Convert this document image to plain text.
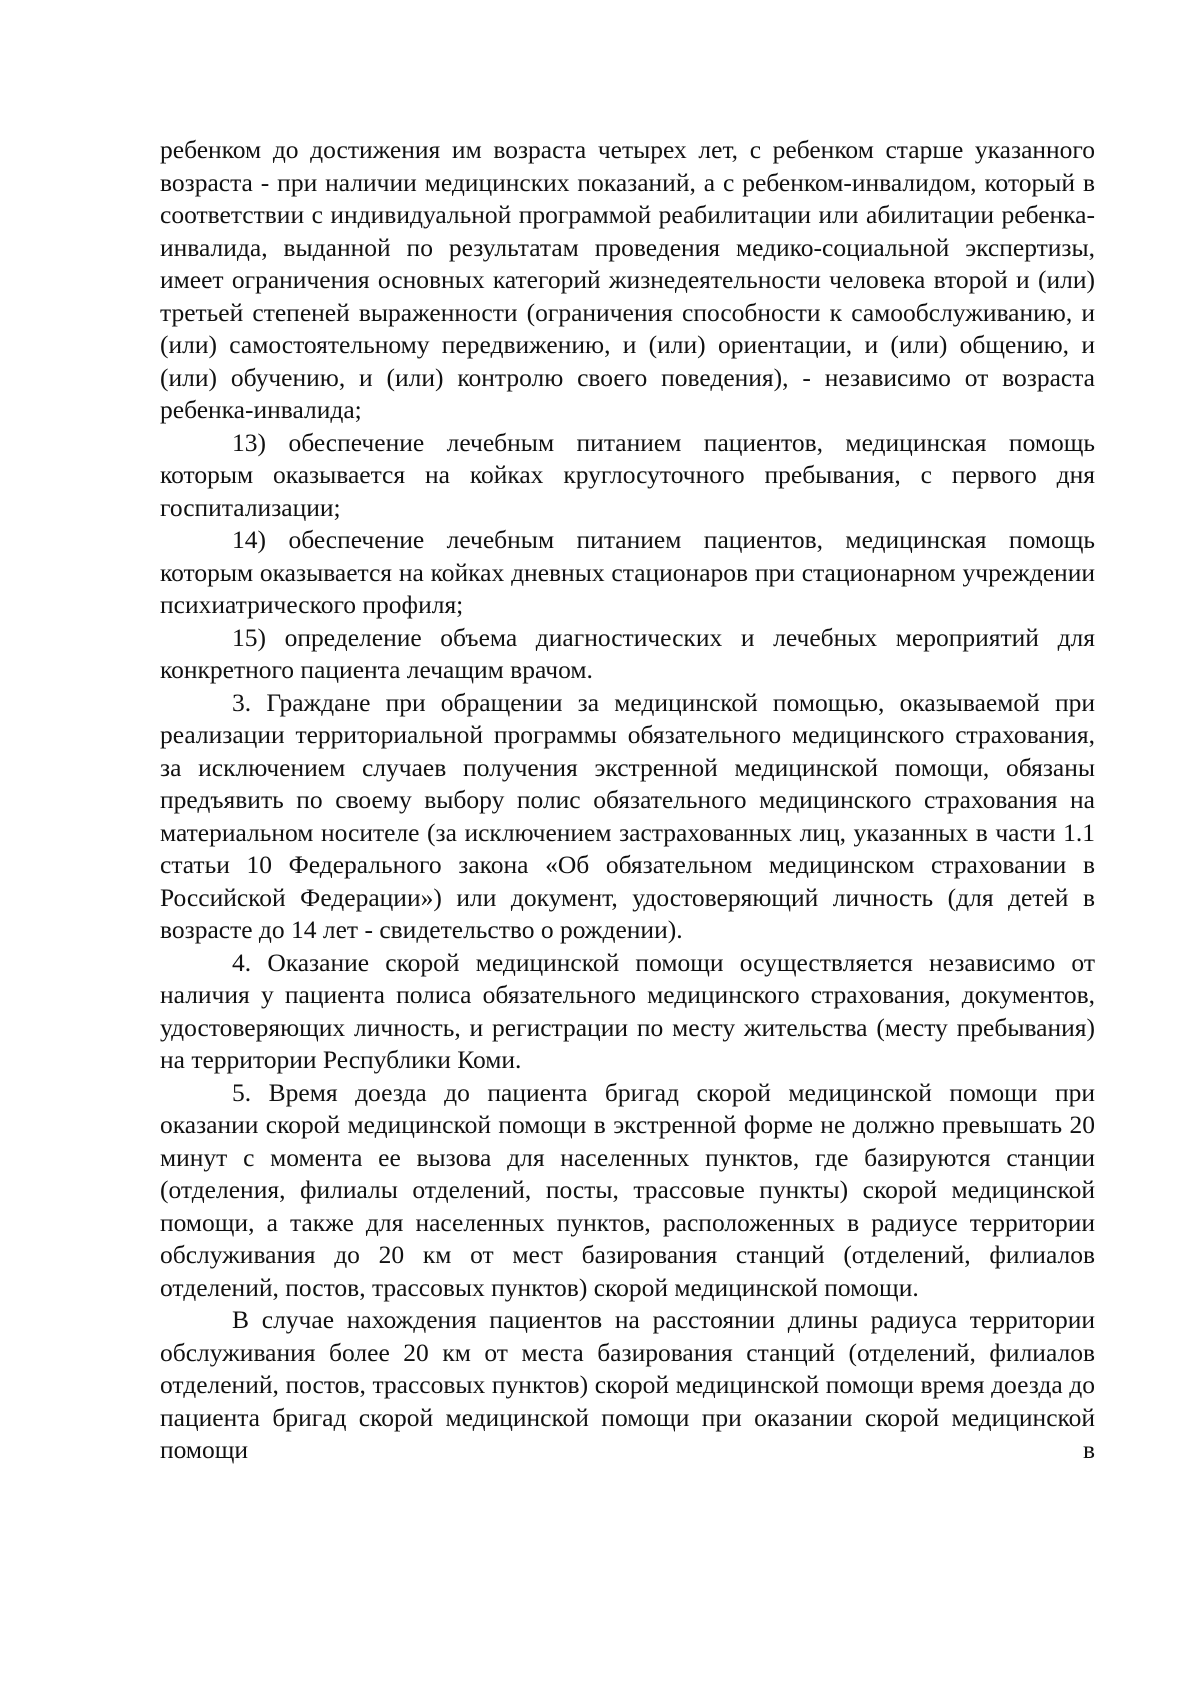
ребенком до достижения им возраста четырех лет, с ребенком старше указанного возраста - при наличии медицинских показаний, а с ребенком-инвалидом, который в соответствии с индивидуальной программой реабилитации или абилитации ребенка-инвалида, выданной по результатам проведения медико-социальной экспертизы, имеет ограничения основных категорий жизнедеятельности человека второй и (или) третьей степеней выраженности (ограничения способности к самообслуживанию, и (или) самостоятельному передвижению, и (или) ориентации, и (или) общению, и (или) обучению, и (или) контролю своего поведения), - независимо от возраста ребенка-инвалида;

13) обеспечение лечебным питанием пациентов, медицинская помощь которым оказывается на койках круглосуточного пребывания, с первого дня госпитализации;

14) обеспечение лечебным питанием пациентов, медицинская помощь которым оказывается на койках дневных стационаров при стационарном учреждении психиатрического профиля;

15) определение объема диагностических и лечебных мероприятий для конкретного пациента лечащим врачом.

3. Граждане при обращении за медицинской помощью, оказываемой при реализации территориальной программы обязательного медицинского страхования, за исключением случаев получения экстренной медицинской помощи, обязаны предъявить по своему выбору полис обязательного медицинского страхования на материальном носителе (за исключением застрахованных лиц, указанных в части 1.1 статьи 10 Федерального закона «Об обязательном медицинском страховании в Российской Федерации») или документ, удостоверяющий личность (для детей в возрасте до 14 лет - свидетельство о рождении).

4. Оказание скорой медицинской помощи осуществляется независимо от наличия у пациента полиса обязательного медицинского страхования, документов, удостоверяющих личность, и регистрации по месту жительства (месту пребывания) на территории Республики Коми.

5. Время доезда до пациента бригад скорой медицинской помощи при оказании скорой медицинской помощи в экстренной форме не должно превышать 20 минут с момента ее вызова для населенных пунктов, где базируются станции (отделения, филиалы отделений, посты, трассовые пункты) скорой медицинской помощи, а также для населенных пунктов, расположенных в радиусе территории обслуживания до 20 км от мест базирования станций (отделений, филиалов отделений, постов, трассовых пунктов) скорой медицинской помощи.

В случае нахождения пациентов на расстоянии длины радиуса территории обслуживания более 20 км от места базирования станций (отделений, филиалов отделений, постов, трассовых пунктов) скорой медицинской помощи время доезда до пациента бригад скорой медицинской помощи при оказании скорой медицинской помощи в
